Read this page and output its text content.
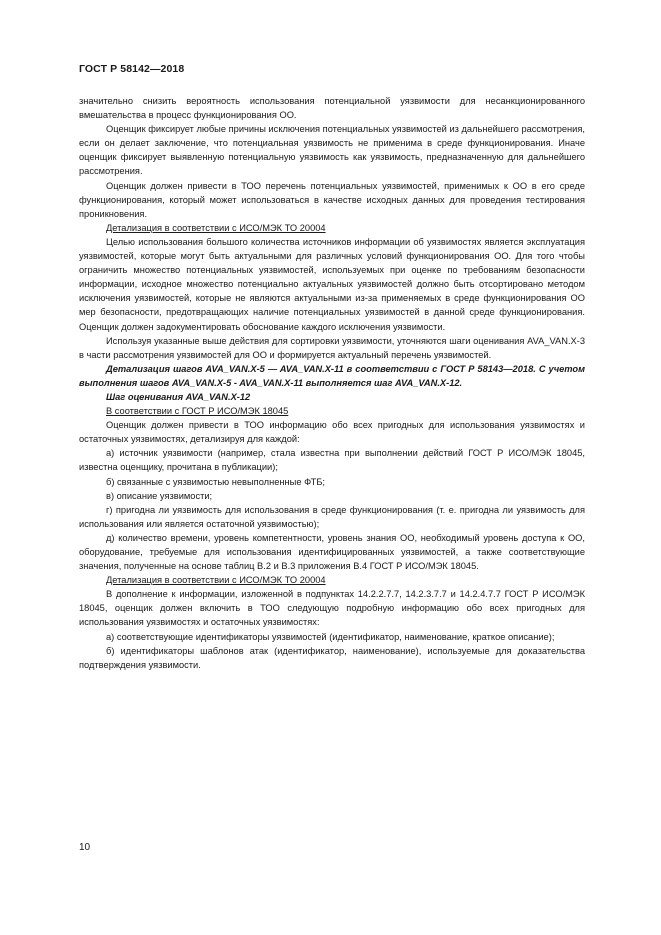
ГОСТ Р 58142—2018

значительно снизить вероятность использования потенциальной уязвимости для несанкционированного вмешательства в процесс функционирования ОО.

Оценщик фиксирует любые причины исключения потенциальных уязвимостей из дальнейшего рассмотрения, если он делает заключение, что потенциальная уязвимость не применима в среде функционирования. Иначе оценщик фиксирует выявленную потенциальную уязвимость как уязвимость, предназначенную для дальнейшего рассмотрения.

Оценщик должен привести в ТОО перечень потенциальных уязвимостей, применимых к ОО в его среде функционирования, который может использоваться в качестве исходных данных для проведения тестирования проникновения.

Детализация в соответствии с ИСО/МЭК ТО 20004

Целью использования большого количества источников информации об уязвимостях является эксплуатация уязвимостей, которые могут быть актуальными для различных условий функционирования ОО. Для того чтобы ограничить множество потенциальных уязвимостей, используемых при оценке по требованиям безопасности информации, исходное множество потенциально актуальных уязвимостей должно быть отсортировано методом исключения уязвимостей, которые не являются актуальными из-за применяемых в среде функционирования ОО мер безопасности, предотвращающих наличие потенциальных уязвимостей в данной среде функционирования. Оценщик должен задокументировать обоснование каждого исключения уязвимости.

Используя указанные выше действия для сортировки уязвимости, уточняются шаги оценивания AVA_VAN.X-3 в части рассмотрения уязвимостей для ОО и формируется актуальный перечень уязвимостей.

Детализация шагов AVA_VAN.X-5 — AVA_VAN.X-11 в соответствии с ГОСТ Р 58143—2018. С учетом выполнения шагов AVA_VAN.X-5 - AVA_VAN.X-11 выполняется шаг AVA_VAN.X-12.

Шаг оценивания AVA_VAN.X-12

В соответствии с ГОСТ Р ИСО/МЭК 18045

Оценщик должен привести в ТОО информацию обо всех пригодных для использования уязвимостях и остаточных уязвимостях, детализируя для каждой:

а) источник уязвимости (например, стала известна при выполнении действий ГОСТ Р ИСО/МЭК 18045, известна оценщику, прочитана в публикации);

б) связанные с уязвимостью невыполненные ФТБ;

в) описание уязвимости;

г) пригодна ли уязвимость для использования в среде функционирования (т. е. пригодна ли уязвимость для использования или является остаточной уязвимостью);

д) количество времени, уровень компетентности, уровень знания ОО, необходимый уровень доступа к ОО, оборудование, требуемые для использования идентифицированных уязвимостей, а также соответствующие значения, полученные на основе таблиц В.2 и В.3 приложения В.4 ГОСТ Р ИСО/МЭК 18045.

Детализация в соответствии с ИСО/МЭК ТО 20004

В дополнение к информации, изложенной в подпунктах 14.2.2.7.7, 14.2.3.7.7 и 14.2.4.7.7 ГОСТ Р ИСО/МЭК 18045, оценщик должен включить в ТОО следующую подробную информацию обо всех пригодных для использования уязвимостях и остаточных уязвимостях:

а) соответствующие идентификаторы уязвимостей (идентификатор, наименование, краткое описание);

б) идентификаторы шаблонов атак (идентификатор, наименование), используемые для доказательства подтверждения уязвимости.

10
